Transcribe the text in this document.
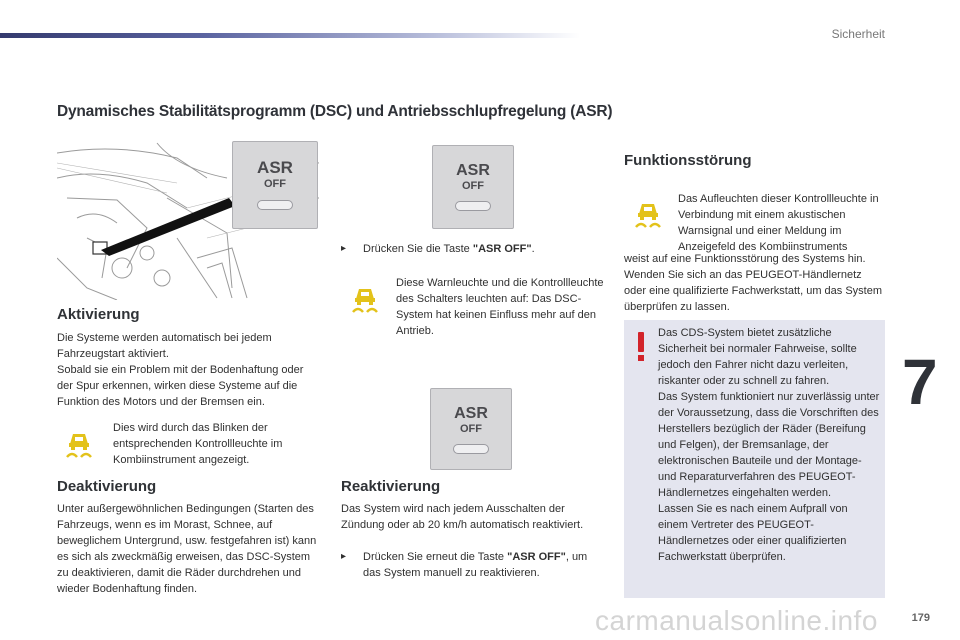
Sicherheit
Dynamisches Stabilitätsprogramm (DSC) und Antriebsschlupfregelung (ASR)
ASR
OFF
Aktivierung

Die Systeme werden automatisch bei jedem Fahrzeugstart aktiviert.

Sobald sie ein Problem mit der Bodenhaftung oder der Spur erkennen, wirken diese Systeme auf die Funktion des Motors und der Bremsen ein.

Dies wird durch das Blinken der entsprechenden Kontrollleuchte im Kombiinstrument angezeigt.
Deaktivierung
Unter außergewöhnlichen Bedingungen (Starten des Fahrzeugs, wenn es im Morast, Schnee, auf beweglichem Untergrund, usw. festgefahren ist) kann es sich als zweckmäßig erweisen, das DSC-System zu deaktivieren, damit die Räder durchdrehen und wieder Bodenhaftung finden.
ASR
OFF
▸	Drücken Sie die Taste "ASR OFF".
Diese Warnleuchte und die Kontrollleuchte des Schalters leuchten auf: Das DSC-System hat keinen Einfluss mehr auf den Antrieb.
ASR
OFF
Reaktivierung
Das System wird nach jedem Ausschalten der Zündung oder ab 20 km/h automatisch reaktiviert.
▸	Drücken Sie erneut die Taste "ASR OFF", um das System manuell zu reaktivieren.
Funktionsstörung
Das Aufleuchten dieser Kontrollleuchte in Verbindung mit einem akustischen Warnsignal und einer Meldung im Anzeigefeld des Kombiinstruments
weist auf eine Funktionsstörung des Systems hin. Wenden Sie sich an das PEUGEOT-Händlernetz oder eine qualifizierte Fachwerkstatt, um das System überprüfen zu lassen.

Das CDS-System bietet zusätzliche Sicherheit bei normaler Fahrweise, sollte jedoch den Fahrer nicht dazu verleiten, riskanter oder zu schnell zu fahren.

Das System funktioniert nur zuverlässig unter der Voraussetzung, dass die Vorschriften des Herstellers bezüglich der Räder (Bereifung und Felgen), der Bremsanlage, der elektronischen Bauteile und der Montage- und Reparaturverfahren des PEUGEOT-Händlernetzes eingehalten werden.

Lassen Sie es nach einem Aufprall von einem Vertreter des PEUGEOT-Händlernetzes oder einer qualifizierten Fachwerkstatt überprüfen.

7
carmanualsonline.info	179
